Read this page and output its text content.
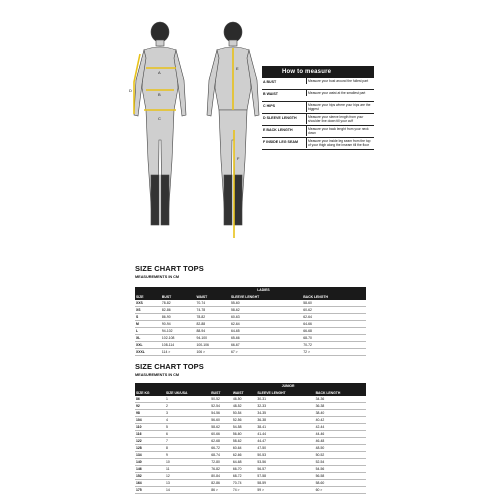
A
B
C
D
E
F
How to measure
A BUST	Measure your bust around the fullest part
B WAIST	Measure your waist at the smallest part
C HIPS	Measure your hips where your hips are the biggest
D SLEEVE LENGTH	Measure your sleeve length from your shoulder line down till your cuff
E BACK LENGTH	Measure your back lenght from your neck down
F INSIDE LEG SEAM	Measure your inside leg seam from the top of your thigh along the inseam till the floor
SIZE CHART TOPS
MEASUREMENTS IN CM
	LADIES			
SIZE	BUST	WAIST	SLEEVE LENGHT	BACK LENGTH
XXS	78-82	70-74	55-60	58-60
XS	82-86	74-78	58-62	60-62
S	86-90	78-82	60-63	62-64
M	90-94	82-88	62-64	64-66
L	94-102	88-94	64-65	66-68
XL	102-108	94-100	65-66	68-70
XXL	108-114	100-106	66-67	70-72
XXXL	114 >	106 >	67 >	72 >
SIZE CHART TOPS
MEASUREMENTS IN CM
		JUNIOR			
SIZE KG	SIZE UK/USA	BUST	WAIST	SLEEVE LENGHT	BACK LENGTH
86	1	50-52	46-50	30-31	34-36
92	2	52-54	48-52	32-33	36-38
98	3	54-56	50-54	34-35	38-40
104	4	56-60	52-56	36-38	40-42
110	5	58-62	54-58	38-41	42-44
116	6	60-66	56-60	41-44	44-46
122	7	62-68	58-62	44-47	46-48
128	8	66-72	60-64	47-50	48-50
134	9	68-74	62-66	50-53	50-52
140	10	72-80	64-68	53-56	52-54
146	11	76-82	66-70	56-57	54-56
152	12	80-84	68-72	57-58	56-58
164	13	82-86	70-74	58-59	58-60
175	14	86 >	74 >	59 >	60 >
